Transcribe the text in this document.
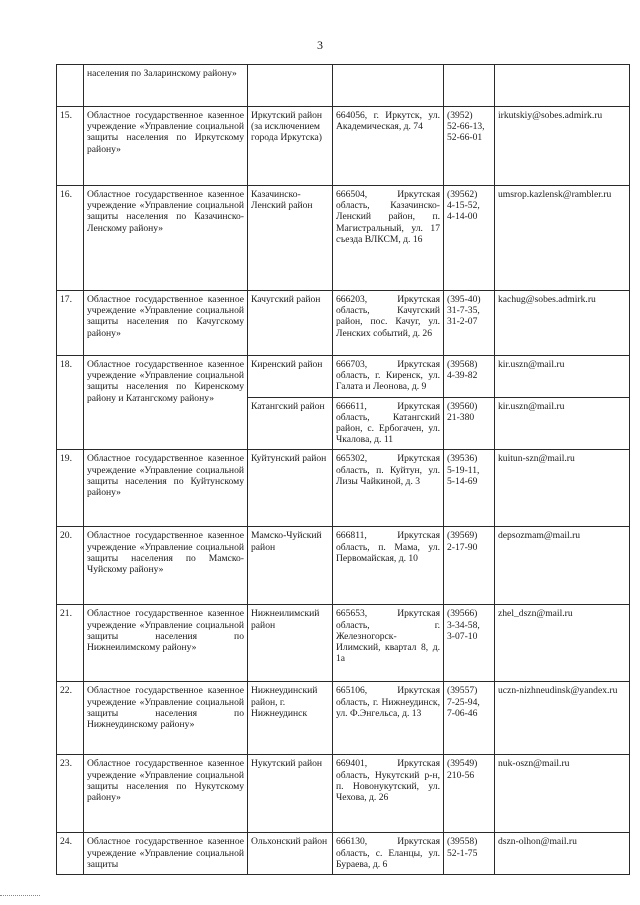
3
	населения по Заларинскому районy»				
15.	Областное государственное казенное учреждение «Управление социальной защиты населения по Иркутскому району»	Иркутский район (за исключением города Иркутска)	664056, г. Иркутск, ул. Академическая, д. 74	(3952)
52-66-13,
52-66-01	irkutskiy@sobes.admirk.ru
16.	Областное государственное казенное учреждение «Управление социальной защиты населения по Казачинско-Ленскому району»	Казачинско-Ленский район	666504, Иркутская область, Казачинско-Ленский район, п. Магистральный, ул. 17 съезда ВЛКСМ, д. 16	(39562)
4-15-52,
4-14-00	umsrop.kazlensk@rambler.ru
17.	Областное государственное казенное учреждение «Управление социальной защиты населения по Качугскому району»	Качугский район	666203, Иркутская область, Качугский район, пос. Качуг, ул. Ленских событий, д. 26	(395-40)
31-7-35,
31-2-07	kachug@sobes.admirk.ru
18.	Областное государственное казенное учреждение «Управление социальной защиты населения по Киренскому району и Катангскому району»	Киренский район	666703, Иркутская область, г. Киренск, ул. Галата и Леонова, д. 9	(39568)
4-39-82	kir.uszn@mail.ru
		Катангский район	666611, Иркутская область, Катангский район, с. Ербогачен, ул. Чкалова, д. 11	(39560)
21-380	kir.uszn@mail.ru
19.	Областное государственное казенное учреждение «Управление социальной защиты населения по Куйтунскому району»	Куйтунский район	665302, Иркутская область, п. Куйтун, ул. Лизы Чайкиной, д. 3	(39536)
5-19-11,
5-14-69	kuitun-szn@mail.ru
20.	Областное государственное казенное учреждение «Управление социальной защиты населения по Мамско-Чуйскому району»	Мамско-Чуйский район	666811, Иркутская область, п. Мама, ул. Первомайская, д. 10	(39569)
2-17-90	depsozmam@mail.ru
21.	Областное государственное казенное учреждение «Управление социальной защиты населения по Нижнеилимскому району»	Нижнеилимский район	665653, Иркутская область, г. Железногорск-Илимский, квартал 8, д. 1а	(39566)
3-34-58,
3-07-10	zhel_dszn@mail.ru
22.	Областное государственное казенное учреждение «Управление социальной защиты населения по Нижнеудинскому району»	Нижнеудинский район, г. Нижнеудинск	665106, Иркутская область, г. Нижнеудинск, ул. Ф.Энгельса, д. 13	(39557)
7-25-94,
7-06-46	uczn-nizhneudinsk@yandex.ru
23.	Областное государственное казенное учреждение «Управление социальной защиты населения по Нукутскому району»	Нукутский район	669401, Иркутская область, Нукутский р-н, п. Новонукутский, ул. Чехова, д. 26	(39549)
210-56	nuk-oszn@mail.ru
24.	Областное государственное казенное учреждение «Управление социальной защиты	Ольхонский район	666130, Иркутская область, с. Еланцы, ул. Бураева, д. 6	(39558)
52-1-75	dszn-olhon@mail.ru
